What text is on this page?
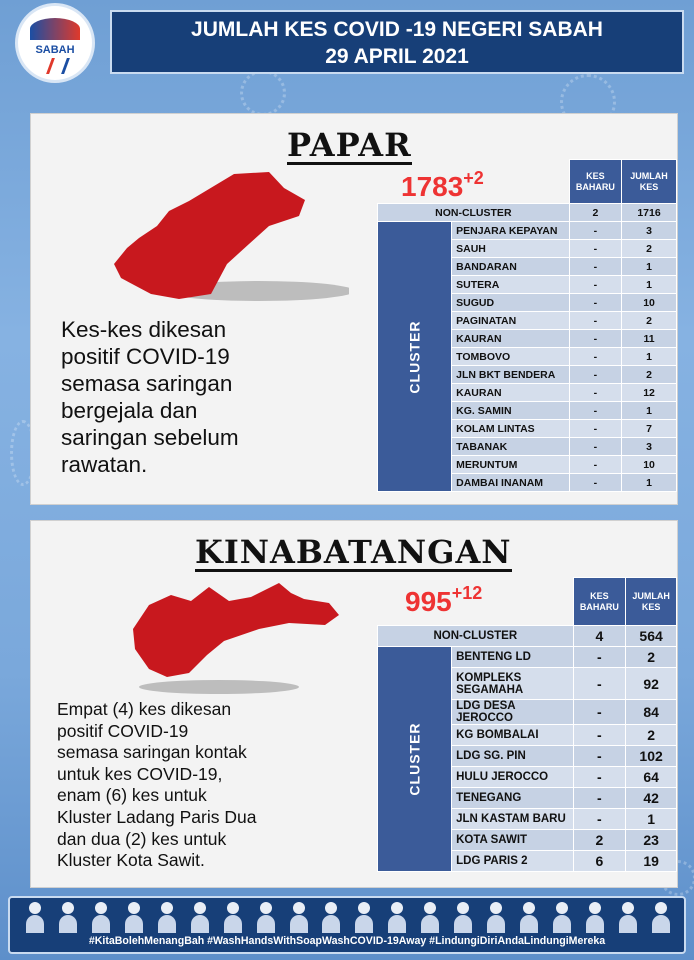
SABAH
JUMLAH KES COVID -19 NEGERI SABAH
29 APRIL 2021
PAPAR
Kes-kes dikesan
positif COVID-19
semasa saringan
bergejala dan
saringan sebelum
rawatan.
$1783^{+2}$
			KES BAHARU	JUMLAH KES
NON-CLUSTER		2	1716

CLUSTER	PENJARA KEPAYAN	-	3
	SAUH	-	2
	BANDARAN	-	1
	SUTERA	-	1
	SUGUD	-	10
	PAGINATAN	-	2
	KAURAN	-	11
	TOMBOVO	-	1
	JLN BKT BENDERA	-	2
	KAURAN	-	12
	KG. SAMIN	-	1
	KOLAM LINTAS	-	7
	TABANAK	-	3
	MERUNTUM	-	10
	DAMBAI INANAM	-	1
KINABATANGAN
$995^{+12}$
Empat (4) kes dikesan
positif COVID-19
semasa saringan kontak
untuk kes COVID-19,
enam (6) kes untuk
Kluster Ladang Paris Dua
dan dua (2) kes untuk
Kluster Kota Sawit.
		KES BAHARU	JUMLAH KES
NON-CLUSTER		4	564

CLUSTER	BENTENG LD	-	2
	KOMPLEKS SEGAMAHA	-	92
	LDG DESA JEROCCO	-	84
	KG BOMBALAI	-	2
	LDG SG. PIN	-	102
	HULU JEROCCO	-	64
	TENEGANG	-	42
	JLN KASTAM BARU	-	1
	KOTA SAWIT	2	23
	LDG PARIS 2	6	19
#KitaBolehMenangBah #WashHandsWithSoapWashCOVID-19Away #LindungiDiriAndaLindungiMereka
